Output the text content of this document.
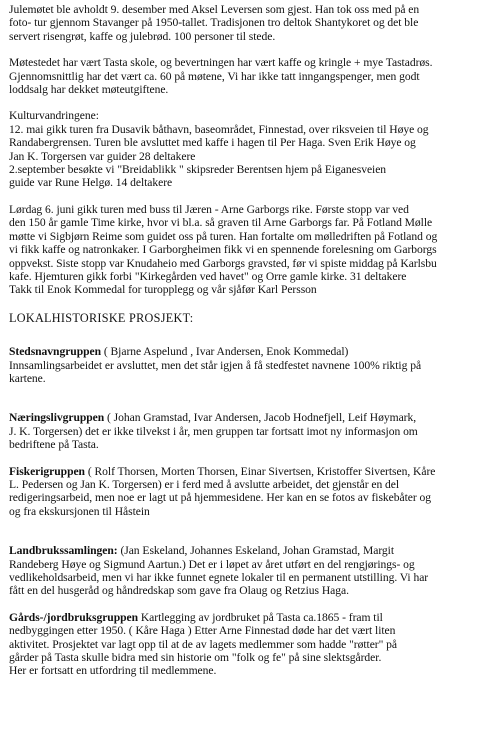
Julemøtet ble avholdt 9. desember med Aksel Leversen som gjest. Han tok oss med på en
foto- tur gjennom Stavanger på 1950-tallet. Tradisjonen tro deltok Shantykoret og det ble
servert risengrøt, kaffe og julebrød. 100 personer til stede.
Møtestedet har vært Tasta skole, og bevertningen har vært kaffe og kringle + mye Tastadrøs.
Gjennomsnittlig har det vært ca. 60 på møtene, Vi har ikke tatt inngangspenger, men godt
loddsalg har dekket møteutgiftene.
Kulturvandringene:
12. mai gikk turen fra Dusavik båthavn, baseområdet, Finnestad, over riksveien til Høye og
Randabergrensen. Turen ble avsluttet med kaffe i hagen til Per Haga. Sven Erik Høye og
Jan K. Torgersen var guider 28 deltakere
2.september besøkte vi "Breidablikk " skipsreder Berentsen hjem på Eiganesveien
guide var Rune Helgø. 14 deltakere
Lørdag 6. juni gikk turen med buss til Jæren - Arne Garborgs rike. Første stopp var ved
den 150 år gamle Time kirke, hvor vi bl.a. så graven til Arne Garborgs far. På Fotland Mølle
møtte vi Sigbjørn Reime som guidet oss på turen. Han fortalte om mølledriften på Fotland og
vi fikk kaffe og natronkaker. I Garborgheimen fikk vi en spennende forelesning om Garborgs
oppvekst. Siste stopp var Knudaheio med Garborgs gravsted, før vi spiste middag på Karlsbu
kafe. Hjemturen gikk forbi "Kirkegården ved havet" og Orre gamle kirke. 31 deltakere
Takk til Enok Kommedal for turopplegg og vår sjåfør Karl Persson
LOKALHISTORISKE PROSJEKT:
Stedsnavngruppen ( Bjarne Aspelund , Ivar Andersen, Enok Kommedal)
Innsamlingsarbeidet er avsluttet, men det står igjen å få stedfestet navnene 100% riktig på
kartene.
Næringslivgruppen ( Johan Gramstad, Ivar Andersen, Jacob Hodnefjell, Leif Høymark,
J. K. Torgersen) det er ikke tilvekst i år, men gruppen tar fortsatt imot ny informasjon om
bedriftene på Tasta.
Fiskerigruppen ( Rolf Thorsen, Morten Thorsen, Einar Sivertsen, Kristoffer Sivertsen, Kåre
L. Pedersen og Jan K. Torgersen) er i ferd med å avslutte arbeidet, det gjenstår en del
redigeringsarbeid, men noe er lagt ut på hjemmesidene. Her kan en se fotos av fiskebåter og
og fra ekskursjonen til Håstein
Landbrukssamlingen: (Jan Eskeland, Johannes Eskeland, Johan Gramstad, Margit
Randeberg Høye og Sigmund Aartun.) Det er i løpet av året utført en del rengjørings- og
vedlikeholdsarbeid, men vi har ikke funnet egnete lokaler til en permanent utstilling. Vi har
fått en del husgeråd og håndredskap som gave fra Olaug og Retzius Haga.
Gårds-/jordbruksgruppen Kartlegging av jordbruket på Tasta ca.1865 - fram til
nedbyggingen etter 1950. ( Kåre Haga ) Etter Arne Finnestad døde har det vært liten
aktivitet. Prosjektet var lagt opp til at de av lagets medlemmer som hadde "røtter" på
gårder på Tasta skulle bidra med sin historie om "folk og fe" på sine slektsgårder.
Her er fortsatt en utfordring til medlemmene.
